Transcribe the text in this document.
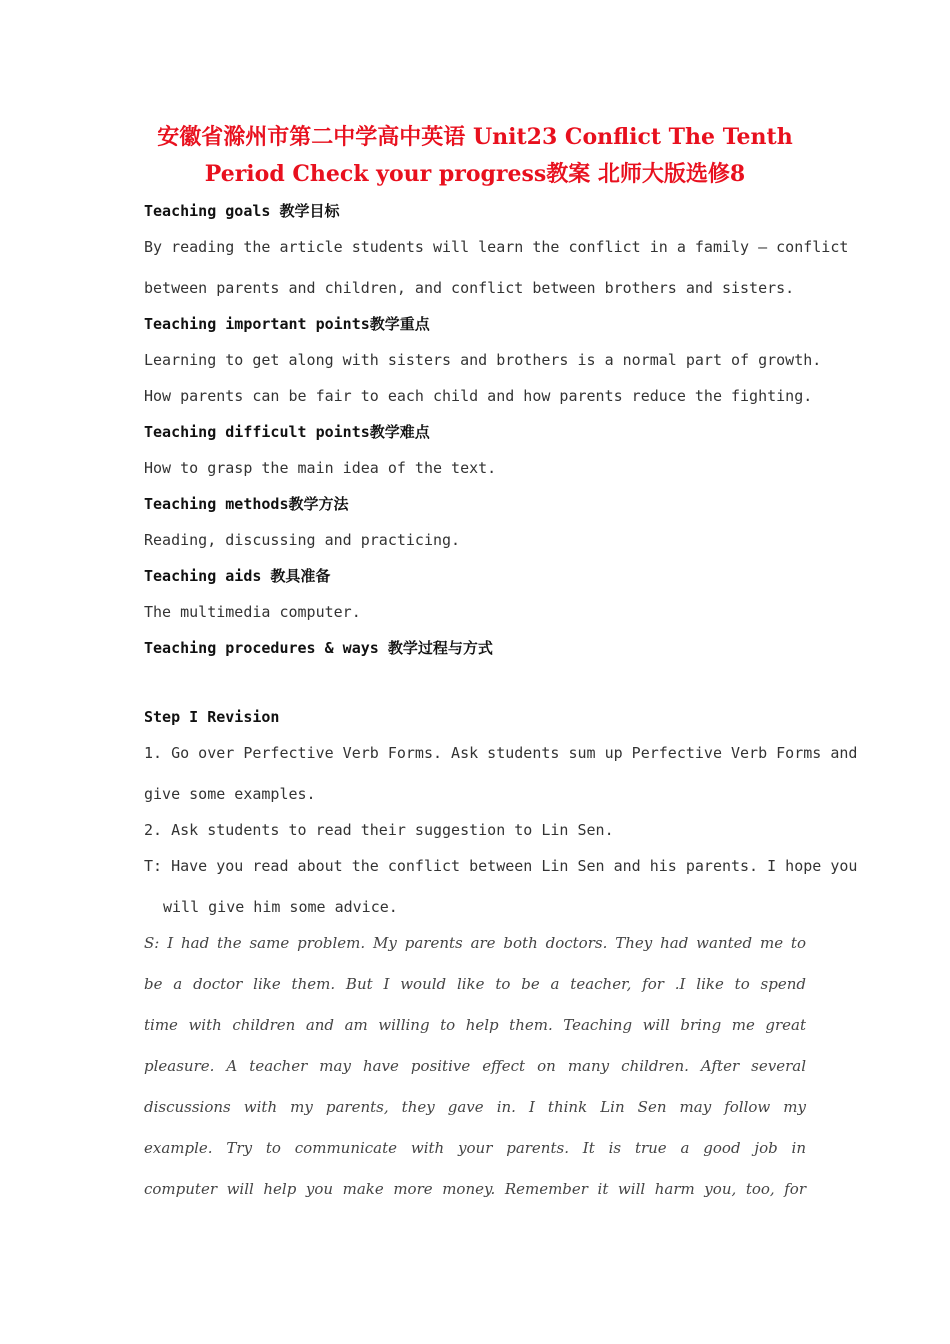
安徽省滁州市第二中学高中英语 Unit23 Conflict The Tenth
Period Check your progress教案 北师大版选修8
Teaching goals 教学目标
By reading the article students will learn the conflict in a family — conflict
between parents and children, and conflict between brothers and sisters.
Teaching important points教学重点
Learning to get along with sisters and brothers is a normal part of growth.
How parents can be fair to each child and how parents reduce the fighting.
Teaching difficult points教学难点
How to grasp the main idea of the text.
Teaching methods教学方法
Reading, discussing and practicing.
Teaching aids 教具准备
The multimedia computer.
Teaching procedures & ways 教学过程与方式
Step I Revision
1. Go over Perfective Verb Forms. Ask students sum up Perfective Verb Forms and
give some examples.
2. Ask students to read their suggestion to Lin Sen.
T: Have you read about the conflict between Lin Sen and his parents. I hope you
will give him some advice.
S: I had the same problem. My parents are both doctors. They had wanted me to
be a doctor like them. But I would like to be a teacher, for .I like to spend
time with children and am willing to help them. Teaching will bring me great
pleasure. A teacher may have positive effect on many children. After several
discussions with my parents, they gave in. I think Lin Sen may follow my
example. Try to communicate with your parents. It is true a good job in
computer will help you make more money. Remember it will harm you, too, for
